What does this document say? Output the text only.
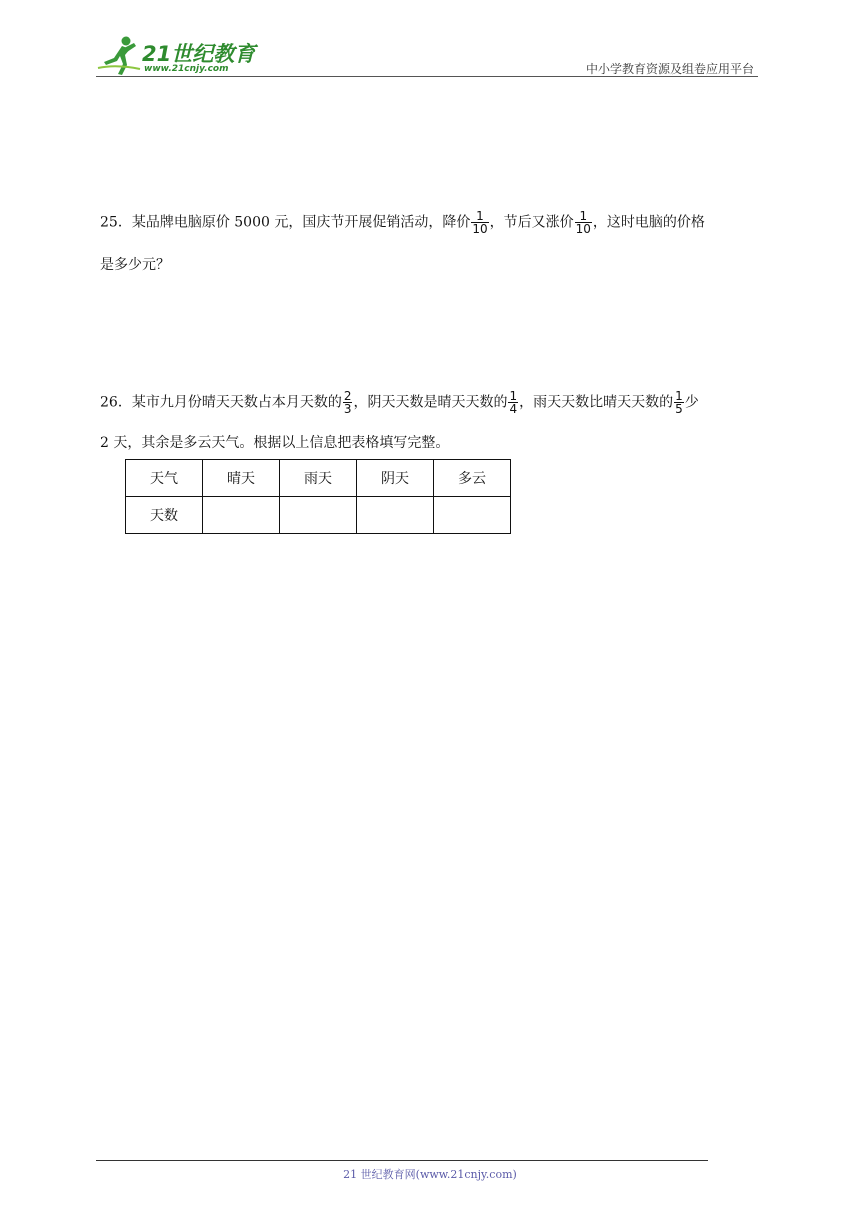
21世纪教育
www.21cnjy.com	中小学教育资源及组卷应用平台
25．某品牌电脑原价 5000 元，国庆节开展促销活动，降价 $\frac{1}{10}$ ，节后又涨价 $\frac{1}{10}$ ，这时电脑的价格
是多少元？
26．某市九月份晴天天数占本月天数的 $\frac{2}{3}$ ，阴天天数是晴天天数的 $\frac{1}{4}$ ，雨天天数比晴天天数的 $\frac{1}{5}$ 少
2 天，其余是多云天气。根据以上信息把表格填写完整。
天气	晴天	雨天	阴天	多云
天数				
21 世纪教育网(www.21cnjy.com)
